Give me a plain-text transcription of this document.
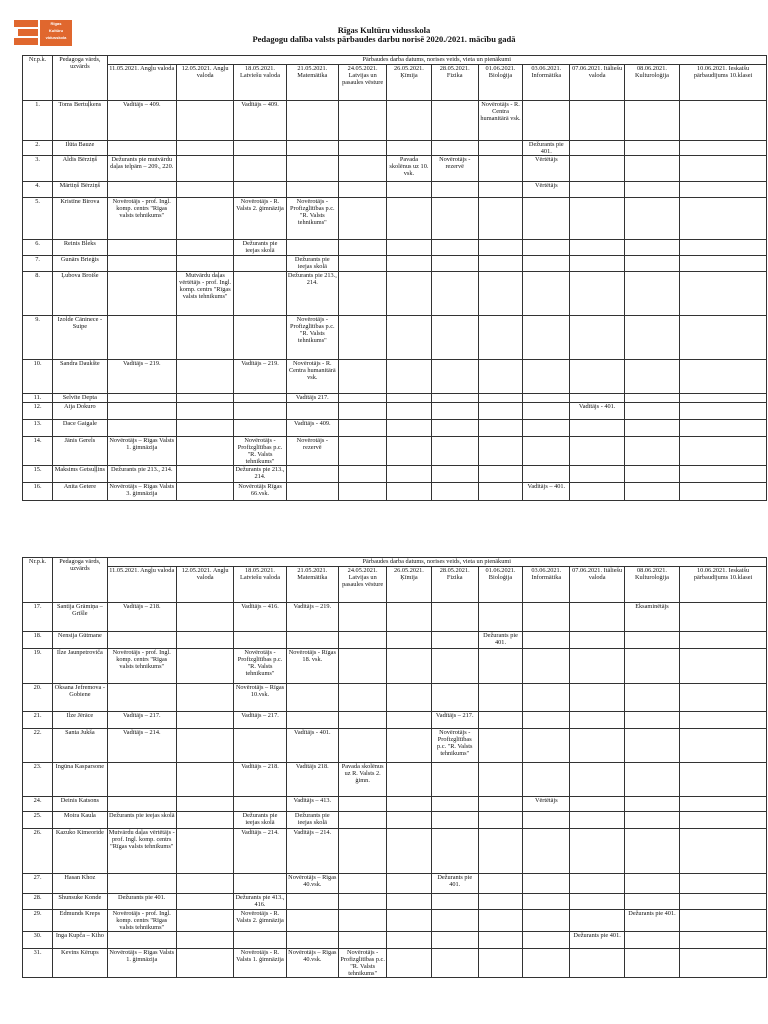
Rīgas
Kultūru
vidusskola
Rīgas Kultūru vidusskola
Pedagogu dalība valsts pārbaudes darbu norisē 2020./2021. mācību gadā
Nr.p.k.	Pedagoga vārds, uzvārds	Pārbaudes darba datums, norises veids, vieta un pienākumi											
		11.05.2021. Angļu valoda	12.05.2021. Angļu valoda	18.05.2021. Latviešu valoda	21.05.2021. Matemātika	24.05.2021. Latvijas un pasaules vēsture	26.05.2021. Ķīmija	28.05.2021. Fizika	01.06.2021. Bioloģija	03.06.2021. Informātika	07.06.2021. Itāliešu valoda	08.06.2021. Kulturoloģija	10.06.2021. Ieskaišu pārbaudījums 10.klasei
1.	Toms Bertuļkens	Vadītājs – 409.		Vadītājs – 409.					Novērotājs - R. Centra humanitārā vsk.				
2.	Ilūta Bauze									Dežurants pie 401.			
3.	Aldis Bērziņš	Dežurants pie mutvārdu daļas telpām – 209., 220.					Pavada skolēnus uz 10. vsk.	Novērotājs - rezervē		Vērtētājs			
4.	Mārtiņš Bērziņš									Vērtētājs			
5.	Kristīne Birova	Novērotājs - prof. Ingl. komp. centrs "Rīgas valsts tehnikums"		Novērotājs - R. Valsts 2. ģimnāzija	Novērotājs - Profizglītības p.c. "R. Valsts tehnikums"								
6.	Reinis Bleks			Dežurants pie ieejas skolā									
7.	Gunārs Brieģis				Dežurants pie ieejas skolā								
8.	Ļubova Broiše		Mutvārdu daļas vērtētājs - prof. Ingl. komp. centrs "Rīgas valsts tehnikums"		Dežurants pie 213., 214.								
9.	Izolde Cāninece - Suipe				Novērotājs - Profizglītības p.c. "R. Valsts tehnikums"								
10.	Sandra Daukšte	Vadītājs – 219.		Vadītājs – 219.	Novērotājs - R. Centra humanitārā vsk.								
11.	Selvīte Depta				Vadītājs 217.								
12.	Aija Dokuro										Vadītājs - 401.		
13.	Dace Gaigale				Vadītājs - 409.								
14.	Jānis Gerels	Novērotājs – Rīgas Valsts 1. ģimnāzija		Novērotājs - Profizglītības p.c. "R. Valsts tehnikums"	Novērotājs - rezervē								
15.	Maksims Getsuļļins	Dežurants pie 213., 214.		Dežurants pie 213., 214.									
16.	Anita Getere	Novērotājs – Rīgas Valsts 3. ģimnāzija		Novērotājs Rīgas 66.vsk.						Vadītājs – 401.			
Nr.p.k.	Pedagoga vārds, uzvārds	Pārbaudes darba datums, norises veids, vieta un pienākumi											
		11.05.2021. Angļu valoda	12.05.2021. Angļu valoda	18.05.2021. Latviešu valoda	21.05.2021. Matemātika	24.05.2021. Latvijas un pasaules vēsture	26.05.2021. Ķīmija	28.05.2021. Fizika	01.06.2021. Bioloģija	03.06.2021. Informātika	07.06.2021. Itāliešu valoda	08.06.2021. Kulturoloģija	10.06.2021. Ieskaišu pārbaudījums 10.klasei
17.	Santija Grāmiņa – Grīšle	Vadītājs – 218.		Vadītājs – 416.	Vadītājs – 219.							Eksaminētājs	
18.	Nensija Gūtmane								Dežurants pie 401.				
19.	Ilze Jaunpetroviča	Novērotājs - prof. Ingl. komp. centrs "Rīgas valsts tehnikums"		Novērotājs - Profizglītības p.c. "R. Valsts tehnikums"	Novērotājs - Rīgas 18. vsk.								
20.	Oksana Jefremova - Gobiene			Novērotājs – Rīgas 10.vsk.									
21.	Ilze Jērāce	Vadītājs – 217.		Vadītājs – 217.				Vadītājs – 217.					
22.	Santa Jukša	Vadītājs – 214.			Vadītājs - 401.			Novērotājs - Profizglītības p.c. "R. Valsts tehnikums"					
23.	Ingūna Kasparsone			Vadītājs – 218.	Vadītājs 218.	Pavada skolēnus uz R. Valsts 2. ģimn.							
24.	Deinis Katsons				Vadītājs – 413.					Vērtētājs			
25.	Moira Kaula	Dežurants pie ieejas skolā		Dežurants pie ieejas skolā	Dežurants pie ieejas skolā								
26.	Kazuko Kimeoride	Mutvārdu daļas vērtētājs - prof. Ingl. komp. centrs "Rīgas valsts tehnikums"		Vadītājs – 214.	Vadītājs – 214.								
27.	Hasan Khoz				Novērotājs – Rīgas 40.vsk.			Dežurants pie 401.					
28.	Shunsuke Konde	Dežurants pie 401.		Dežurants pie 413., 416.									
29.	Edmunds Kreps	Novērotājs - prof. Ingl. komp. centrs "Rīgas valsts tehnikums"		Novērotājs - R. Valsts 2. ģimnāzija								Dežurants pie 401.	
30.	Inga Kupča – Kiho										Dežurants pie 401.		
31.	Kevins Kērups	Novērotājs – Rīgas Valsts 1. ģimnāzija		Novērotājs - R. Valsts 1. ģimnāzija	Novērotājs – Rīgas 40.vsk.	Novērotājs - Profizglītības p.c. "R. Valsts tehnikums"							
